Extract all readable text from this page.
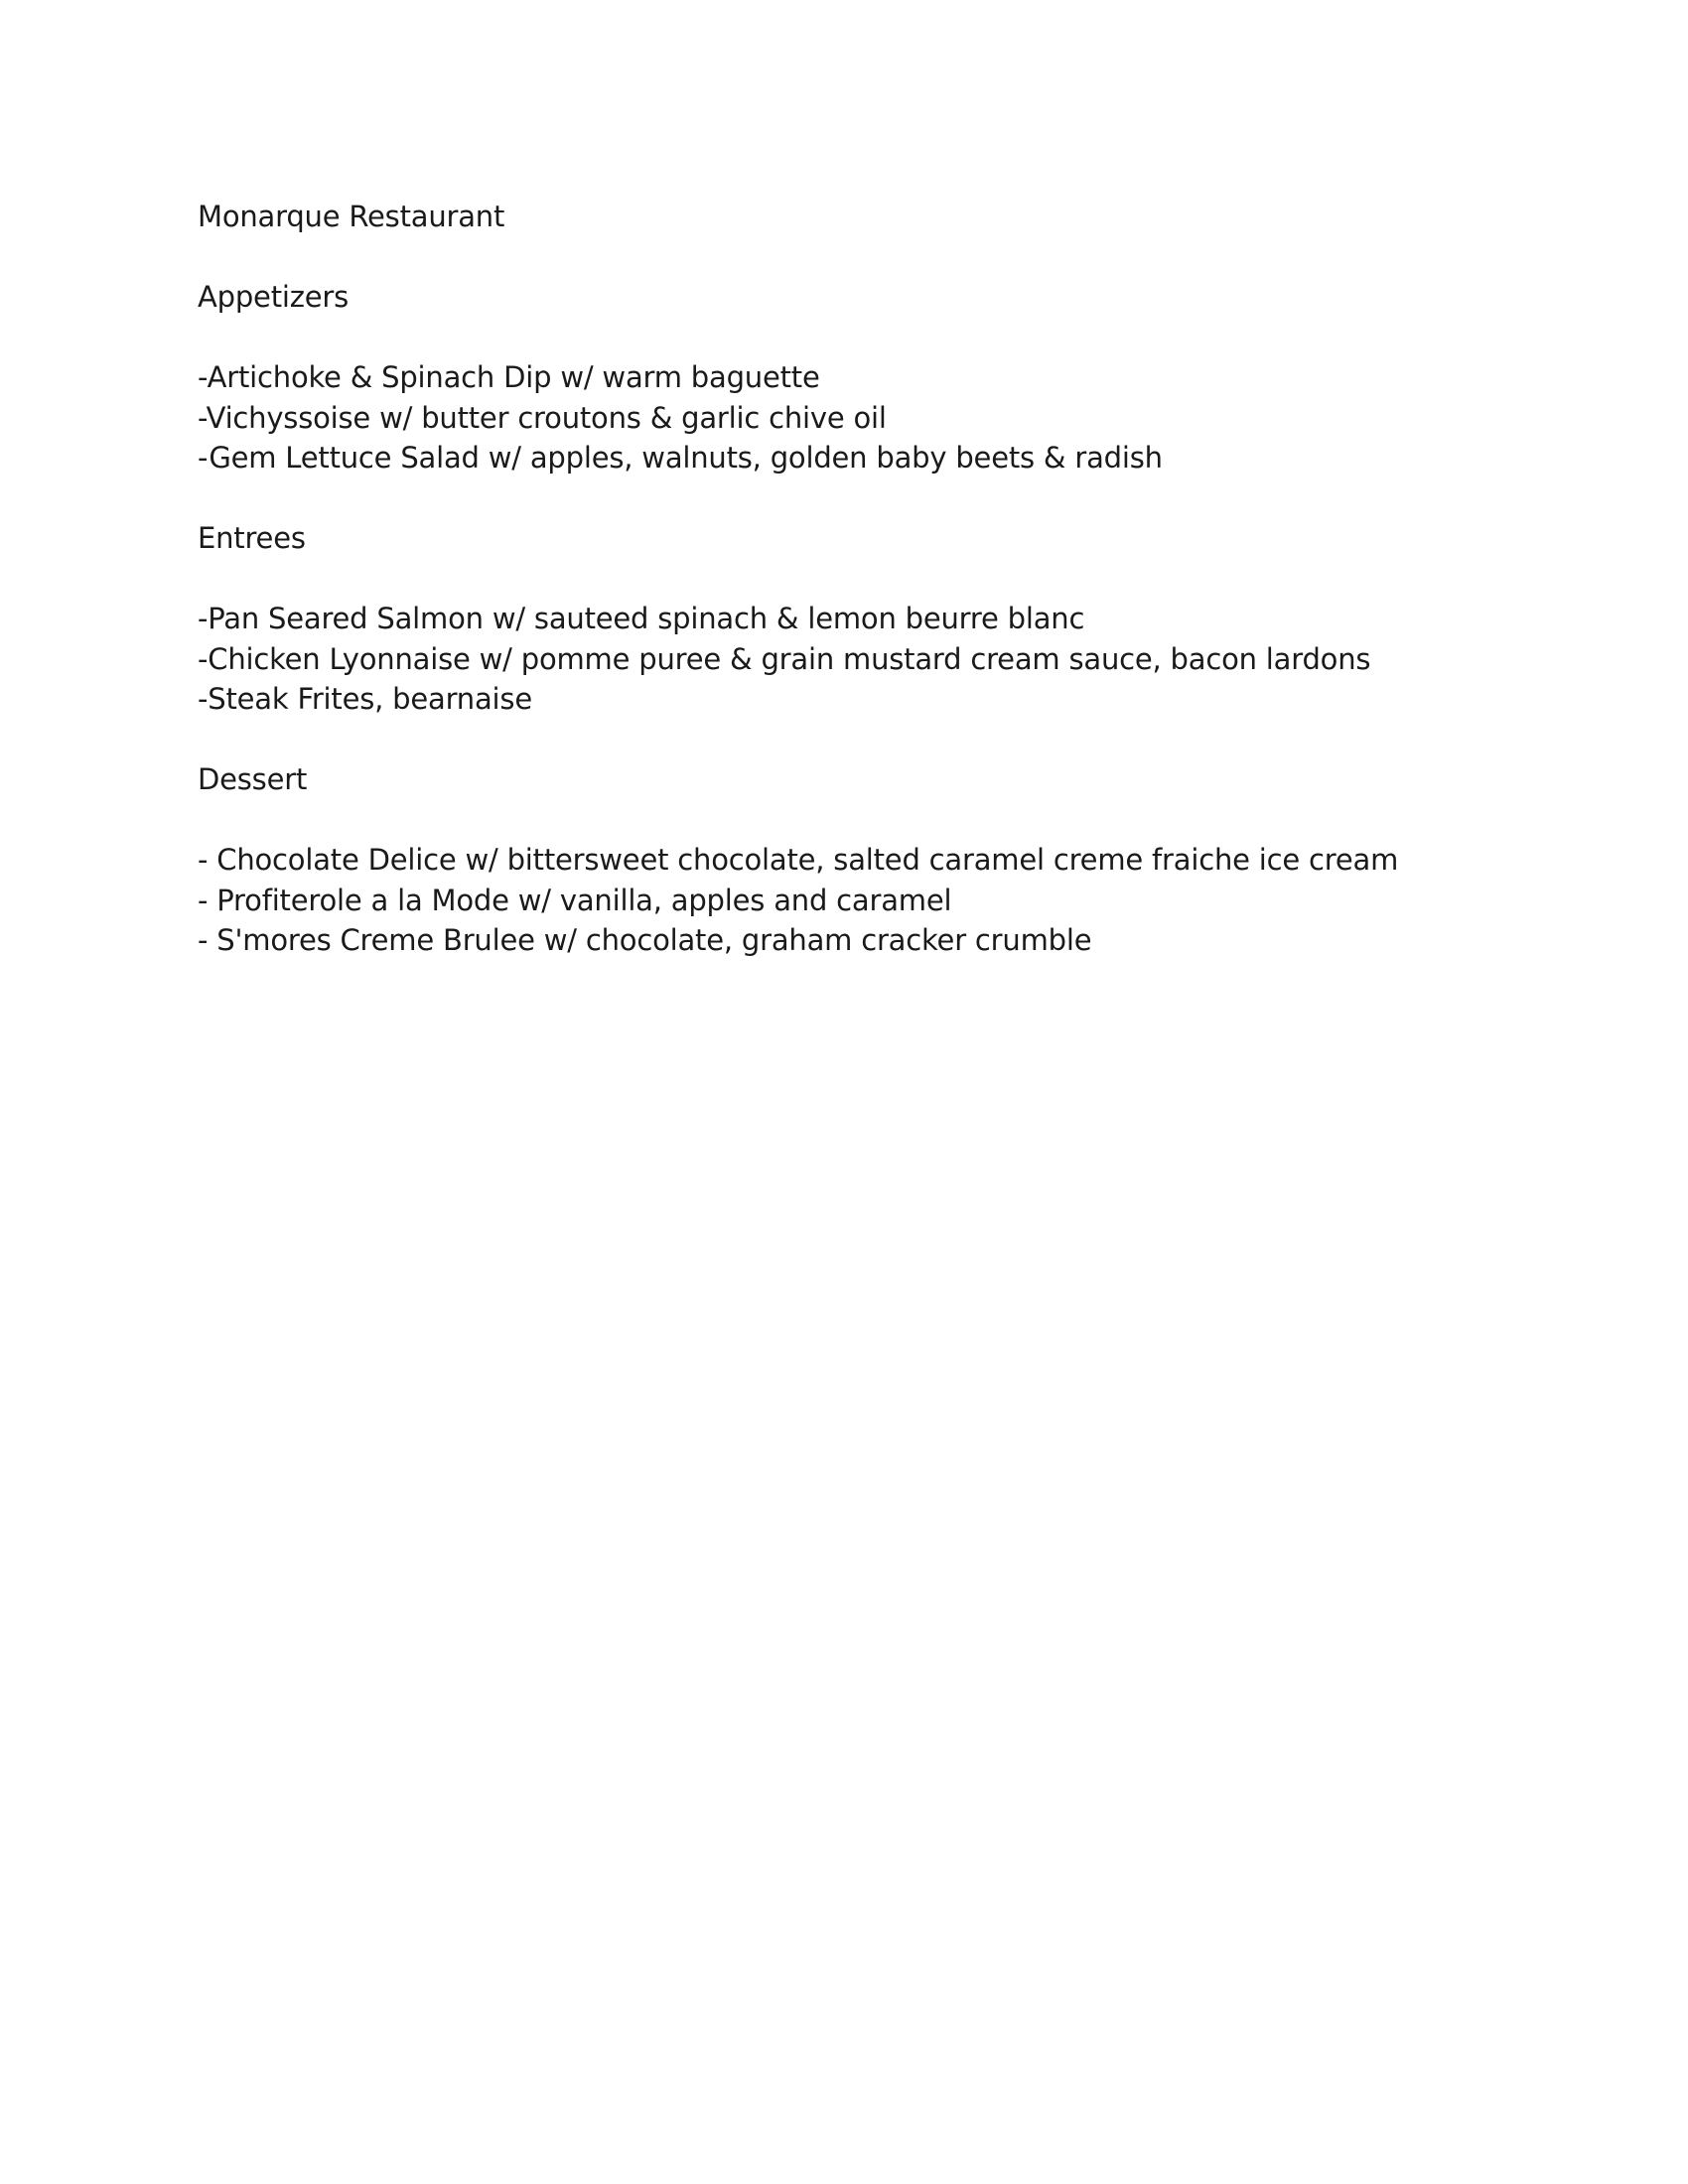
Monarque Restaurant
Appetizers
-Artichoke & Spinach Dip w/ warm baguette
-Vichyssoise w/ butter croutons & garlic chive oil
-Gem Lettuce Salad w/ apples, walnuts, golden baby beets & radish
Entrees
-Pan Seared Salmon w/ sauteed spinach & lemon beurre blanc
-Chicken Lyonnaise w/ pomme puree & grain mustard cream sauce, bacon lardons
-Steak Frites, bearnaise
Dessert
- Chocolate Delice w/ bittersweet chocolate, salted caramel creme fraiche ice cream
- Profiterole a la Mode w/ vanilla, apples and caramel
- S'mores Creme Brulee w/ chocolate, graham cracker crumble
